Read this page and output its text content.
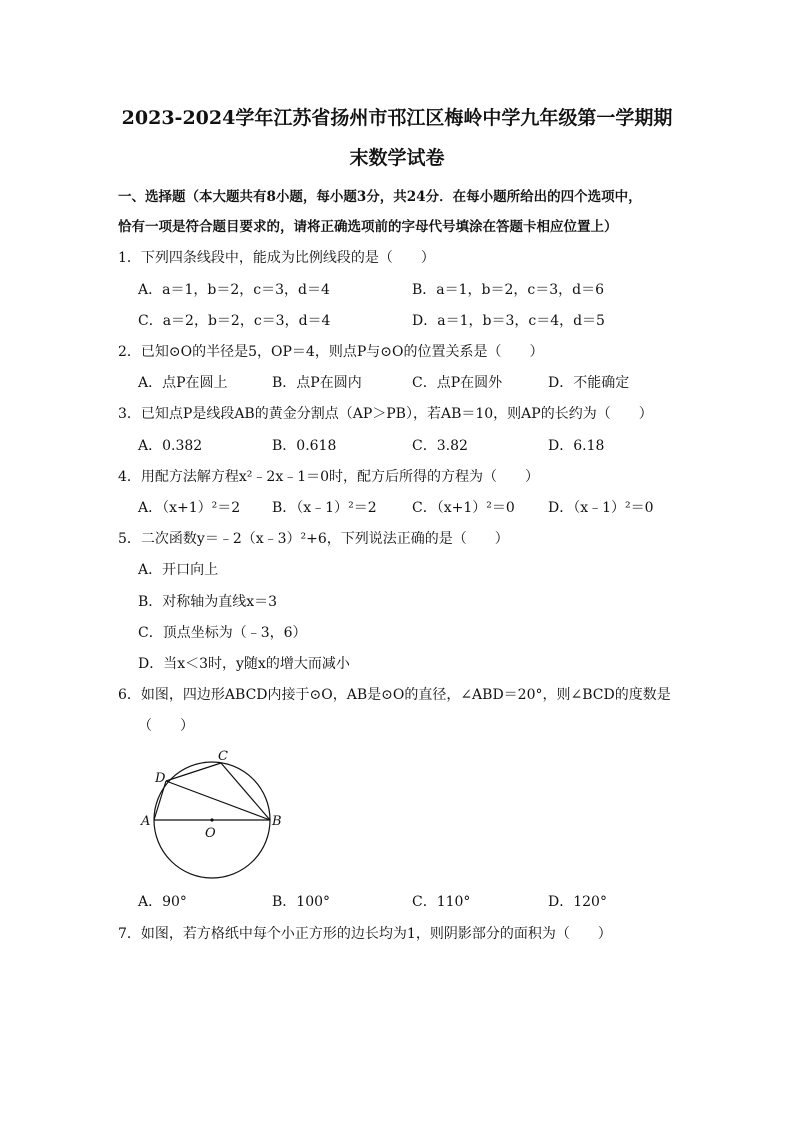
2023-2024学年江苏省扬州市邗江区梅岭中学九年级第一学期期
末数学试卷
一、选择题（本大题共有8小题，每小题3分，共24分．在每小题所给出的四个选项中，
恰有一项是符合题目要求的，请将正确选项前的字母代号填涂在答题卡相应位置上）
1．下列四条线段中，能成为比例线段的是（　　）
A．a＝1，b＝2，c＝3，d＝4	B．a＝1，b＝2，c＝3，d＝6
C．a＝2，b＝2，c＝3，d＝4	D．a＝1，b＝3，c＝4，d＝5
2．已知⊙O的半径是5，OP＝4，则点P与⊙O的位置关系是（　　）
A．点P在圆上	B．点P在圆内	C．点P在圆外	D．不能确定
3．已知点P是线段AB的黄金分割点（AP＞PB），若AB＝10，则AP的长约为（　　）
A．0.382	B．0.618	C．3.82	D．6.18
4．用配方法解方程x²﹣2x﹣1＝0时，配方后所得的方程为（　　）
A．（x+1）²＝2 B．（x﹣1）²＝2	C．（x+1）²＝0 D．（x﹣1）²＝0
5．二次函数y＝﹣2（x﹣3）²+6，下列说法正确的是（　　）
A．开口向上
B．对称轴为直线x＝3
C．顶点坐标为（﹣3，6）
D．当x＜3时，y随x的增大而减小
6．如图，四边形ABCD内接于⊙O，AB是⊙O的直径，∠ABD＝20°，则∠BCD的度数是
（　　）
A	B
C
D
O
A．90°	B．100°	C．110°	D．120°
7．如图，若方格纸中每个小正方形的边长均为1，则阴影部分的面积为（　　）
